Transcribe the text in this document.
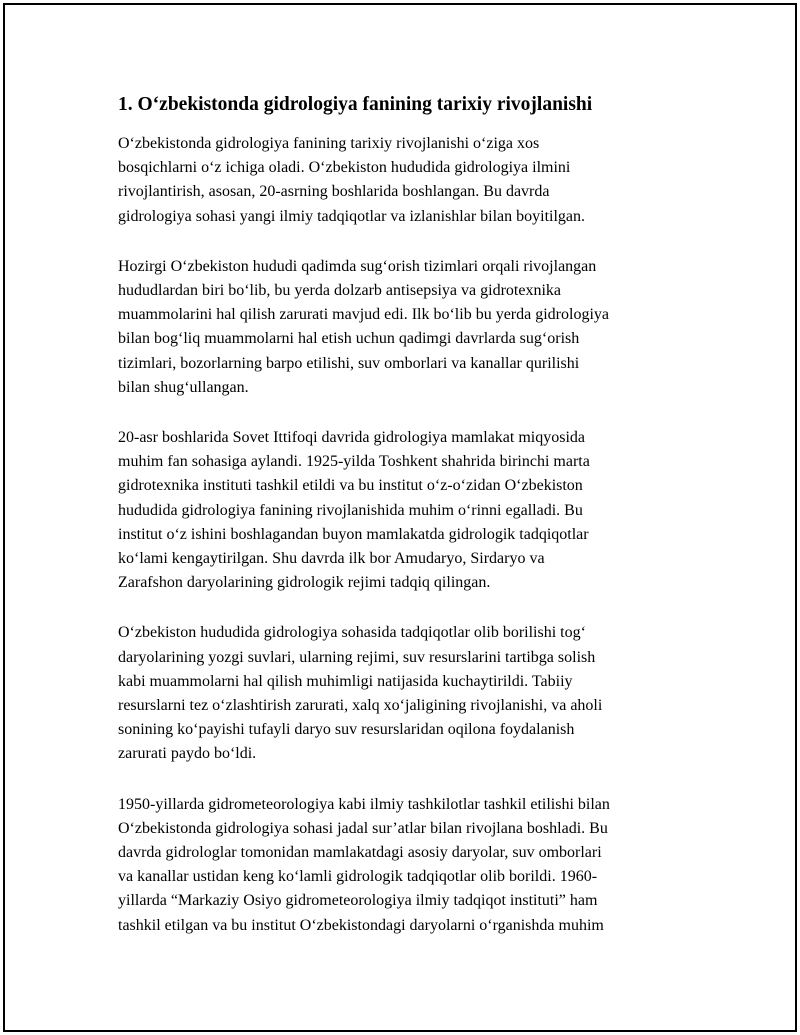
1. O‘zbekistonda gidrologiya fanining tarixiy rivojlanishi
O‘zbekistonda gidrologiya fanining tarixiy rivojlanishi o‘ziga xos
bosqichlarni o‘z ichiga oladi. O‘zbekiston hududida gidrologiya ilmini
rivojlantirish, asosan, 20-asrning boshlarida boshlangan. Bu davrda
gidrologiya sohasi yangi ilmiy tadqiqotlar va izlanishlar bilan boyitilgan.
Hozirgi O‘zbekiston hududi qadimda sug‘orish tizimlari orqali rivojlangan
hududlardan biri bo‘lib, bu yerda dolzarb antisepsiya va gidrotexnika
muammolarini hal qilish zarurati mavjud edi. Ilk bo‘lib bu yerda gidrologiya
bilan bog‘liq muammolarni hal etish uchun qadimgi davrlarda sug‘orish
tizimlari, bozorlarning barpo etilishi, suv omborlari va kanallar qurilishi
bilan shug‘ullangan.
20-asr boshlarida Sovet Ittifoqi davrida gidrologiya mamlakat miqyosida
muhim fan sohasiga aylandi. 1925-yilda Toshkent shahrida birinchi marta
gidrotexnika instituti tashkil etildi va bu institut o‘z-o‘zidan O‘zbekiston
hududida gidrologiya fanining rivojlanishida muhim o‘rinni egalladi. Bu
institut o‘z ishini boshlagandan buyon mamlakatda gidrologik tadqiqotlar
ko‘lami kengaytirilgan. Shu davrda ilk bor Amudaryo, Sirdaryo va
Zarafshon daryolarining gidrologik rejimi tadqiq qilingan.
O‘zbekiston hududida gidrologiya sohasida tadqiqotlar olib borilishi tog‘
daryolarining yozgi suvlari, ularning rejimi, suv resurslarini tartibga solish
kabi muammolarni hal qilish muhimligi natijasida kuchaytirildi. Tabiiy
resurslarni tez o‘zlashtirish zarurati, xalq xo‘jaligining rivojlanishi, va aholi
sonining ko‘payishi tufayli daryo suv resurslaridan oqilona foydalanish
zarurati paydo bo‘ldi.
1950-yillarda gidrometeorologiya kabi ilmiy tashkilotlar tashkil etilishi bilan
O‘zbekistonda gidrologiya sohasi jadal sur’atlar bilan rivojlana boshladi. Bu
davrda gidrologlar tomonidan mamlakatdagi asosiy daryolar, suv omborlari
va kanallar ustidan keng ko‘lamli gidrologik tadqiqotlar olib borildi. 1960-
yillarda “Markaziy Osiyo gidrometeorologiya ilmiy tadqiqot instituti” ham
tashkil etilgan va bu institut O‘zbekistondagi daryolarni o‘rganishda muhim
